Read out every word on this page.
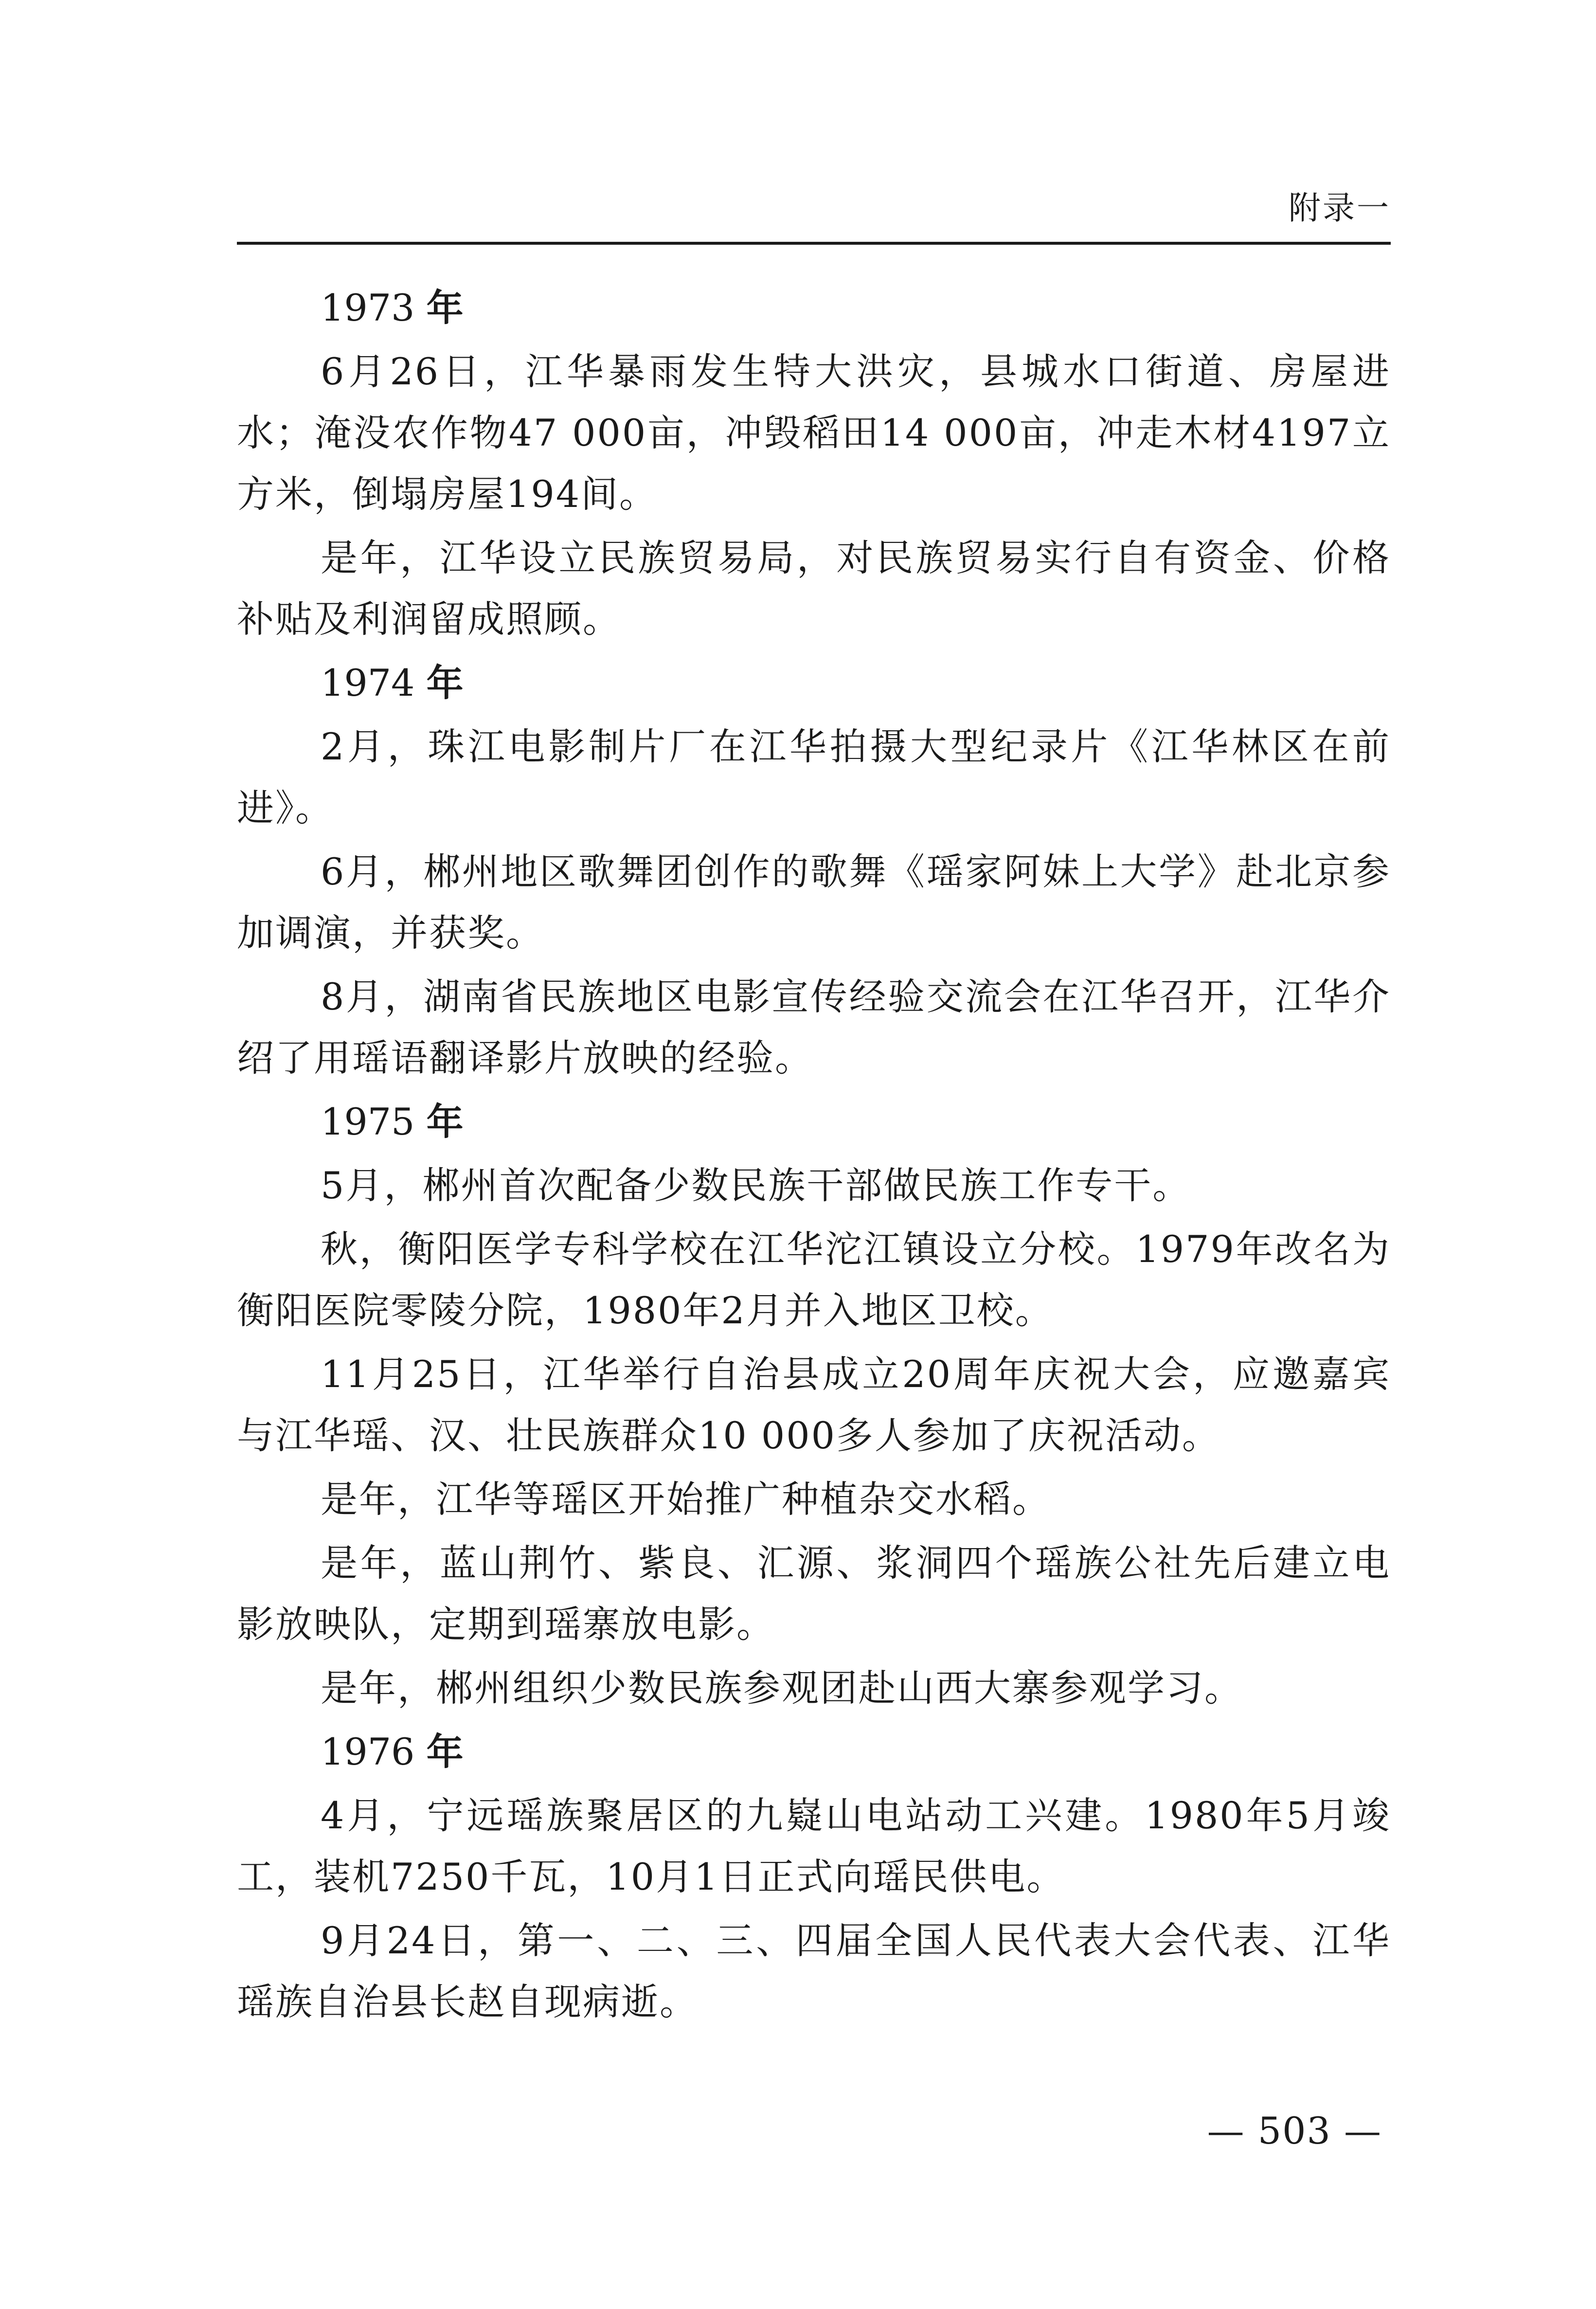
附录一
1973 年

6月26日，江华暴雨发生特大洪灾，县城水口街道、房屋进水；淹没农作物47 000亩，冲毁稻田14 000亩，冲走木材4197立方米，倒塌房屋194间。

是年，江华设立民族贸易局，对民族贸易实行自有资金、价格补贴及利润留成照顾。

1974 年

2月，珠江电影制片厂在江华拍摄大型纪录片《江华林区在前进》。

6月，郴州地区歌舞团创作的歌舞《瑶家阿妹上大学》赴北京参加调演，并获奖。

8月，湖南省民族地区电影宣传经验交流会在江华召开，江华介绍了用瑶语翻译影片放映的经验。

1975 年

5月，郴州首次配备少数民族干部做民族工作专干。

秋，衡阳医学专科学校在江华沱江镇设立分校。1979年改名为衡阳医院零陵分院，1980年2月并入地区卫校。

11月25日，江华举行自治县成立20周年庆祝大会，应邀嘉宾与江华瑶、汉、壮民族群众10 000多人参加了庆祝活动。

是年，江华等瑶区开始推广种植杂交水稻。

是年，蓝山荆竹、紫良、汇源、浆洞四个瑶族公社先后建立电影放映队，定期到瑶寨放电影。

是年，郴州组织少数民族参观团赴山西大寨参观学习。

1976 年

4月，宁远瑶族聚居区的九嶷山电站动工兴建。1980年5月竣工，装机7250千瓦，10月1日正式向瑶民供电。

9月24日，第一、二、三、四届全国人民代表大会代表、江华瑶族自治县长赵自现病逝。

— 503 —
